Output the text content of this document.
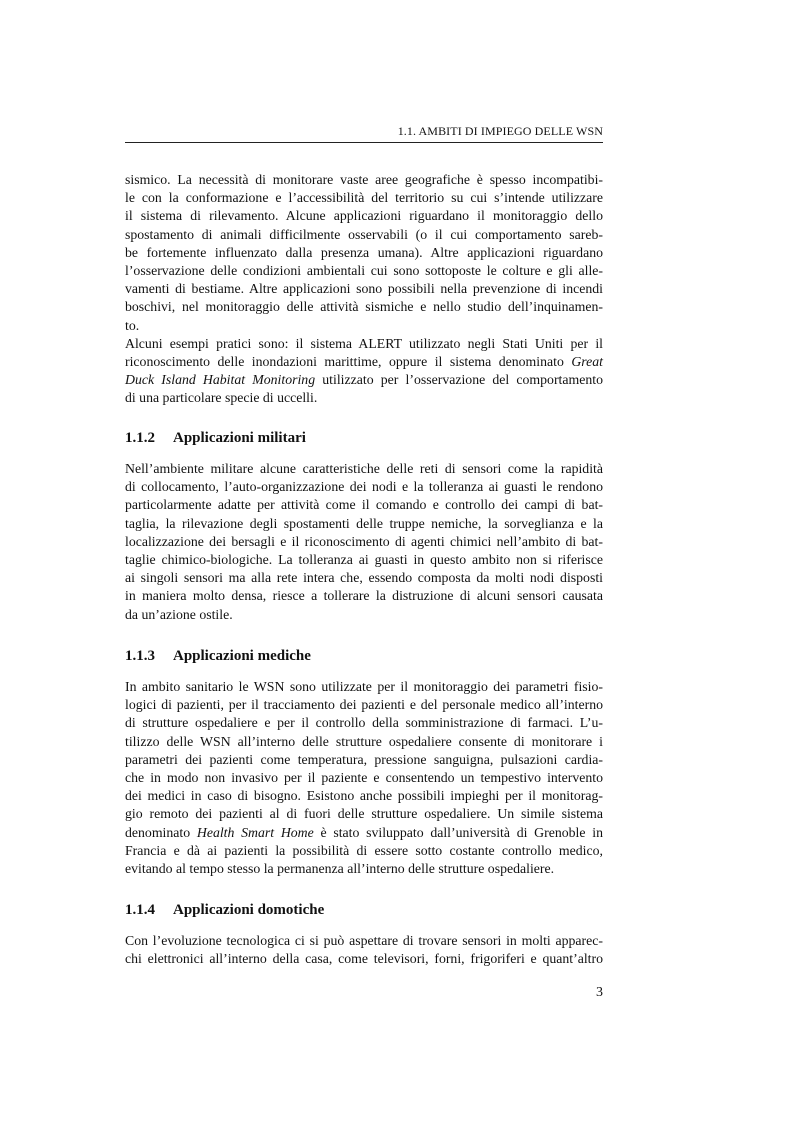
1.1. AMBITI DI IMPIEGO DELLE WSN
sismico. La necessità di monitorare vaste aree geografiche è spesso incompatibi-
le con la conformazione e l’accessibilità del territorio su cui s’intende utilizzare
il sistema di rilevamento. Alcune applicazioni riguardano il monitoraggio dello
spostamento di animali difficilmente osservabili (o il cui comportamento sareb-
be fortemente influenzato dalla presenza umana). Altre applicazioni riguardano
l’osservazione delle condizioni ambientali cui sono sottoposte le colture e gli alle-
vamenti di bestiame. Altre applicazioni sono possibili nella prevenzione di incendi
boschivi, nel monitoraggio delle attività sismiche e nello studio dell’inquinamen-
to.
Alcuni esempi pratici sono: il sistema ALERT utilizzato negli Stati Uniti per il
riconoscimento delle inondazioni marittime, oppure il sistema denominato Great
Duck Island Habitat Monitoring utilizzato per l’osservazione del comportamento
di una particolare specie di uccelli.
1.1.2 Applicazioni militari
Nell’ambiente militare alcune caratteristiche delle reti di sensori come la rapidità
di collocamento, l’auto-organizzazione dei nodi e la tolleranza ai guasti le rendono
particolarmente adatte per attività come il comando e controllo dei campi di bat-
taglia, la rilevazione degli spostamenti delle truppe nemiche, la sorveglianza e la
localizzazione dei bersagli e il riconoscimento di agenti chimici nell’ambito di bat-
taglie chimico-biologiche. La tolleranza ai guasti in questo ambito non si riferisce
ai singoli sensori ma alla rete intera che, essendo composta da molti nodi disposti
in maniera molto densa, riesce a tollerare la distruzione di alcuni sensori causata
da un’azione ostile.
1.1.3 Applicazioni mediche
In ambito sanitario le WSN sono utilizzate per il monitoraggio dei parametri fisio-
logici di pazienti, per il tracciamento dei pazienti e del personale medico all’interno
di strutture ospedaliere e per il controllo della somministrazione di farmaci. L’u-
tilizzo delle WSN all’interno delle strutture ospedaliere consente di monitorare i
parametri dei pazienti come temperatura, pressione sanguigna, pulsazioni cardia-
che in modo non invasivo per il paziente e consentendo un tempestivo intervento
dei medici in caso di bisogno. Esistono anche possibili impieghi per il monitorag-
gio remoto dei pazienti al di fuori delle strutture ospedaliere. Un simile sistema
denominato Health Smart Home è stato sviluppato dall’università di Grenoble in
Francia e dà ai pazienti la possibilità di essere sotto costante controllo medico,
evitando al tempo stesso la permanenza all’interno delle strutture ospedaliere.
1.1.4 Applicazioni domotiche
Con l’evoluzione tecnologica ci si può aspettare di trovare sensori in molti apparec-
chi elettronici all’interno della casa, come televisori, forni, frigoriferi e quant’altro
3
